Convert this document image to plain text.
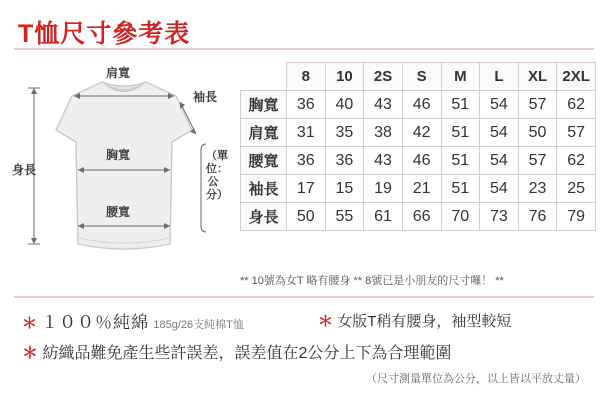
T恤尺寸參考表
肩寬
袖長
胸寬
腰寬
身長
（單位：公分）
	8	10	2S	S	M	L	XL	2XL
胸寬	36	40	43	46	51	54	57	62
肩寬	31	35	38	42	51	54	50	57
腰寬	36	36	43	46	51	54	57	62
袖長	17	15	19	21	51	54	23	25
身長	50	55	61	66	70	73	76	79
** 10號為女T 略有腰身 ** 8號已是小朋友的尺寸囉！ **
＊ １００％純綿 185g/26支純棉T恤	＊ 女版T稍有腰身，袖型較短
＊ 紡織品難免產生些許誤差，誤差值在2公分上下為合理範圍
（尺寸測量單位為公分，以上皆以平放丈量）
